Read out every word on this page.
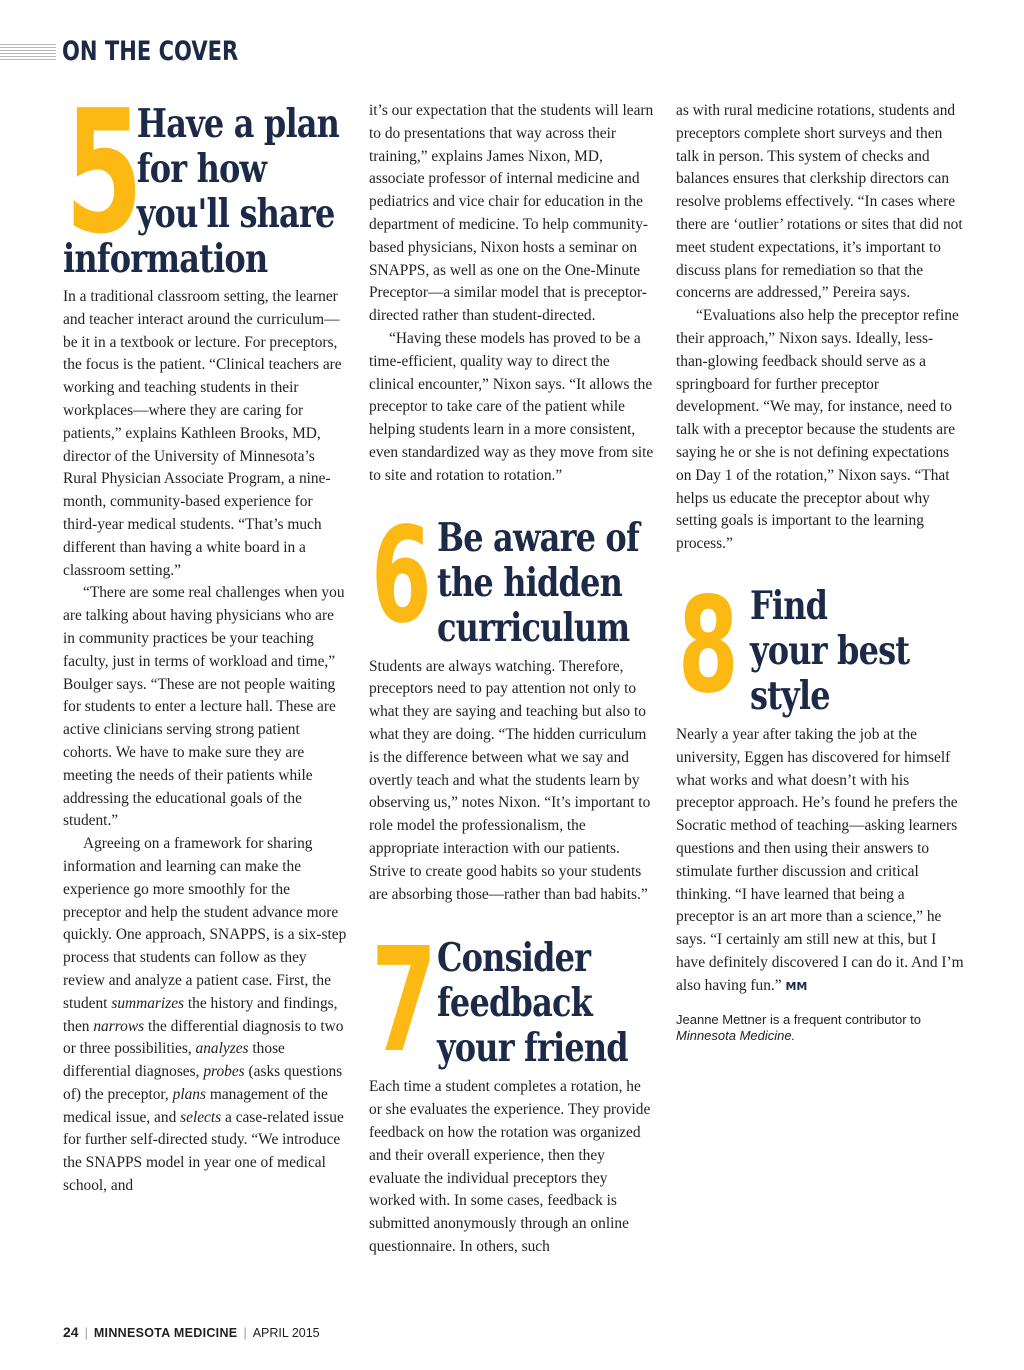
ON THE COVER
5
Have a plan
for how
you'll share
information

In a traditional classroom setting, the learner and teacher interact around the curriculum—be it in a textbook or lecture. For preceptors, the focus is the patient. “Clinical teachers are working and teaching students in their workplaces—where they are caring for patients,” explains Kathleen Brooks, MD, director of the University of Minnesota’s Rural Physician Associate Program, a nine-month, community-based experience for third-year medical students. “That’s much different than having a white board in a classroom setting.”

“There are some real challenges when you are talking about having physicians who are in community practices be your teaching faculty, just in terms of workload and time,” Boulger says. “These are not people waiting for students to enter a lecture hall. These are active clinicians serving strong patient cohorts. We have to make sure they are meeting the needs of their patients while addressing the educational goals of the student.”

Agreeing on a framework for sharing information and learning can make the experience go more smoothly for the preceptor and help the student advance more quickly. One approach, SNAPPS, is a six-step process that students can follow as they review and analyze a patient case. First, the student summarizes the history and findings, then narrows the differential diagnosis to two or three possibilities, analyzes those differential diagnoses, probes (asks questions of) the preceptor, plans management of the medical issue, and selects a case-related issue for further self-directed study. “We introduce the SNAPPS model in year one of medical school, and

it’s our expectation that the students will learn to do presentations that way across their training,” explains James Nixon, MD, associate professor of internal medicine and pediatrics and vice chair for education in the department of medicine. To help community-based physicians, Nixon hosts a seminar on SNAPPS, as well as one on the One-Minute Preceptor—a similar model that is preceptor-directed rather than student-directed.

“Having these models has proved to be a time-efficient, quality way to direct the clinical encounter,” Nixon says. “It allows the preceptor to take care of the patient while helping students learn in a more consistent, even standardized way as they move from site to site and rotation to rotation.”

6 Be aware of
the hidden
curriculum

Students are always watching. Therefore, preceptors need to pay attention not only to what they are saying and teaching but also to what they are doing. “The hidden curriculum is the difference between what we say and overtly teach and what the students learn by observing us,” notes Nixon. “It’s important to role model the professionalism, the appropriate interaction with our patients. Strive to create good habits so your students are absorbing those—rather than bad habits.”

7 Consider
feedback
your friend

Each time a student completes a rotation, he or she evaluates the experience. They provide feedback on how the rotation was organized and their overall experience, then they evaluate the individual preceptors they worked with. In some cases, feedback is submitted anonymously through an online questionnaire. In others, such

as with rural medicine rotations, students and preceptors complete short surveys and then talk in person. This system of checks and balances ensures that clerkship directors can resolve problems effectively. “In cases where there are ‘outlier’ rotations or sites that did not meet student expectations, it’s important to discuss plans for remediation so that the concerns are addressed,” Pereira says.

“Evaluations also help the preceptor refine their approach,” Nixon says. Ideally, less-than-glowing feedback should serve as a springboard for further preceptor development. “We may, for instance, need to talk with a preceptor because the students are saying he or she is not defining expectations on Day 1 of the rotation,” Nixon says. “That helps us educate the preceptor about why setting goals is important to the learning process.”

8 Find
your best
style

Nearly a year after taking the job at the university, Eggen has discovered for himself what works and what doesn’t with his preceptor approach. He’s found he prefers the Socratic method of teaching—asking learners questions and then using their answers to stimulate further discussion and critical thinking. “I have learned that being a preceptor is an art more than a science,” he says. “I certainly am still new at this, but I have definitely discovered I can do it. And I’m also having fun.” MM

Jeanne Mettner is a frequent contributor to
Minnesota Medicine.
24 | MINNESOTA MEDICINE | APRIL 2015
